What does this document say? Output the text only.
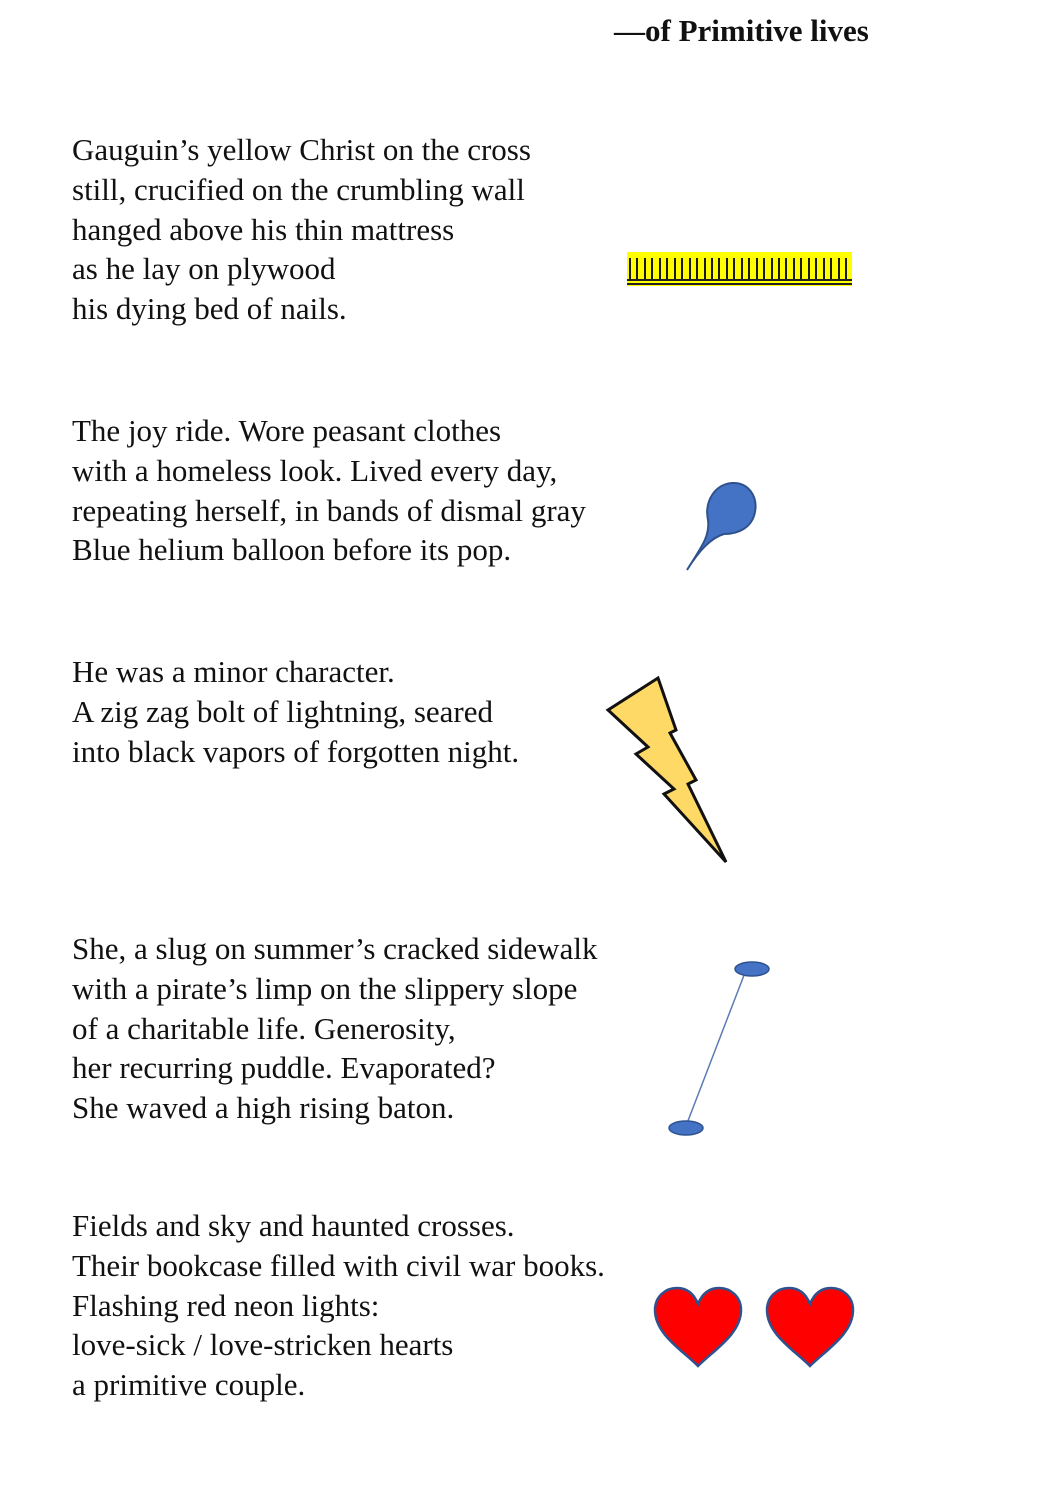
—of Primitive lives
Gauguin’s yellow Christ on the cross
still, crucified on the crumbling wall
hanged above his thin mattress
as he lay on plywood
his dying bed of nails.
The joy ride. Wore peasant clothes
with a homeless look. Lived every day,
repeating herself, in bands of dismal gray
Blue helium balloon before its pop.
He was a minor character.
A zig zag bolt of lightning, seared
into black vapors of forgotten night.
She, a slug on summer’s cracked sidewalk
with a pirate’s limp on the slippery slope
of a charitable life. Generosity,
her recurring puddle. Evaporated?
She waved a high rising baton.
Fields and sky and haunted crosses.
Their bookcase filled with civil war books.
Flashing red neon lights:
love-sick / love-stricken hearts
a primitive couple.
